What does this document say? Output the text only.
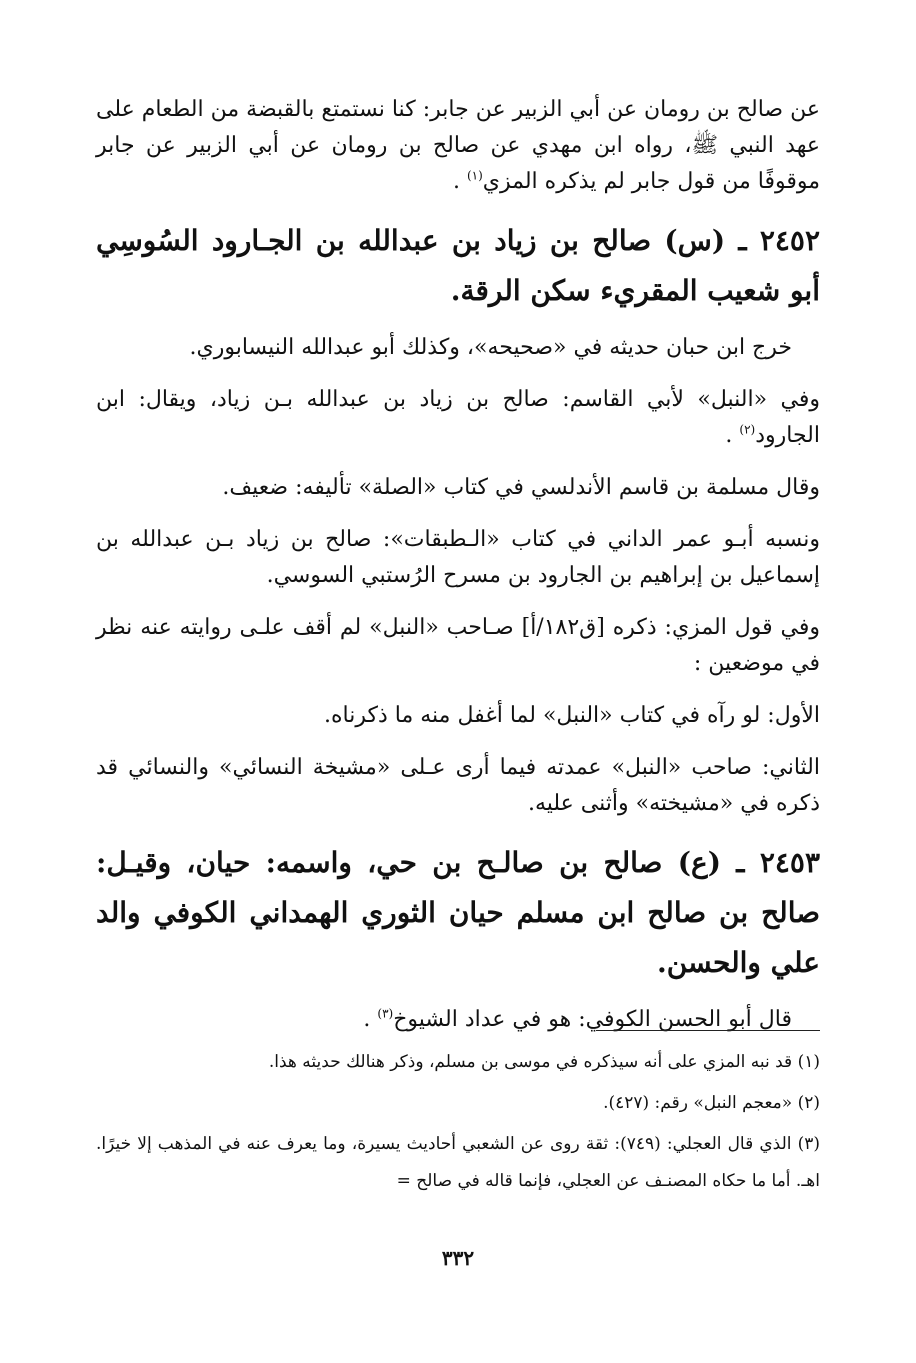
عن صالح بن رومان عن أبي الزبير عن جابر: كنا نستمتع بالقبضة من الطعام على عهد النبي ﷺ، رواه ابن مهدي عن صالح بن رومان عن أبي الزبير عن جابر موقوفًا من قول جابر لم يذكره المزي$^{(١)}$ .

٢٤٥٢ ـ (س) صالح بن زياد بن عبدالله بن الجـارود السُوسِي أبو شعيب المقريء سكن الرقة.

خرج ابن حبان حديثه في «صحيحه»، وكذلك أبو عبدالله النيسابوري.

وفي «النبل» لأبي القاسم: صالح بن زياد بن عبدالله بـن زياد، ويقال: ابن الجارود$^{(٢)}$ .

وقال مسلمة بن قاسم الأندلسي في كتاب «الصلة» تأليفه: ضعيف.

ونسبه أبـو عمر الداني في كتاب «الـطبقات»: صالح بن زياد بـن عبدالله بن إسماعيل بن إبراهيم بن الجارود بن مسرح الرُستبي السوسي.

وفي قول المزي: ذكره [ق١٨٢/أ] صـاحب «النبل» لم أقف علـى روايته عنه نظر في موضعين :

الأول: لو رآه في كتاب «النبل» لما أغفل منه ما ذكرناه.

الثاني: صاحب «النبل» عمدته فيما أرى عـلى «مشيخة النسائي» والنسائي قد ذكره في «مشيخته» وأثنى عليه.

٢٤٥٣ ـ (ع) صالح بن صالـح بن حي، واسمه: حيان، وقيـل: صالح بن صالح ابن مسلم حيان الثوري الهمداني الكوفي والد علي والحسن.

قال أبو الحسن الكوفي: هو في عداد الشيوخ$^{(٣)}$ .

(١) قد نبه المزي على أنه سيذكره في موسى بن مسلم، وذكر هنالك حديثه هذا.

(٢) «معجم النبل» رقم: (٤٢٧).

(٣) الذي قال العجلي: (٧٤٩): ثقة روى عن الشعبي أحاديث يسيرة، وما يعرف عنه في المذهب إلا خيرًا. اهـ. أما ما حكاه المصنـف عن العجلي، فإنما قاله في صالح =

٣٣٢
